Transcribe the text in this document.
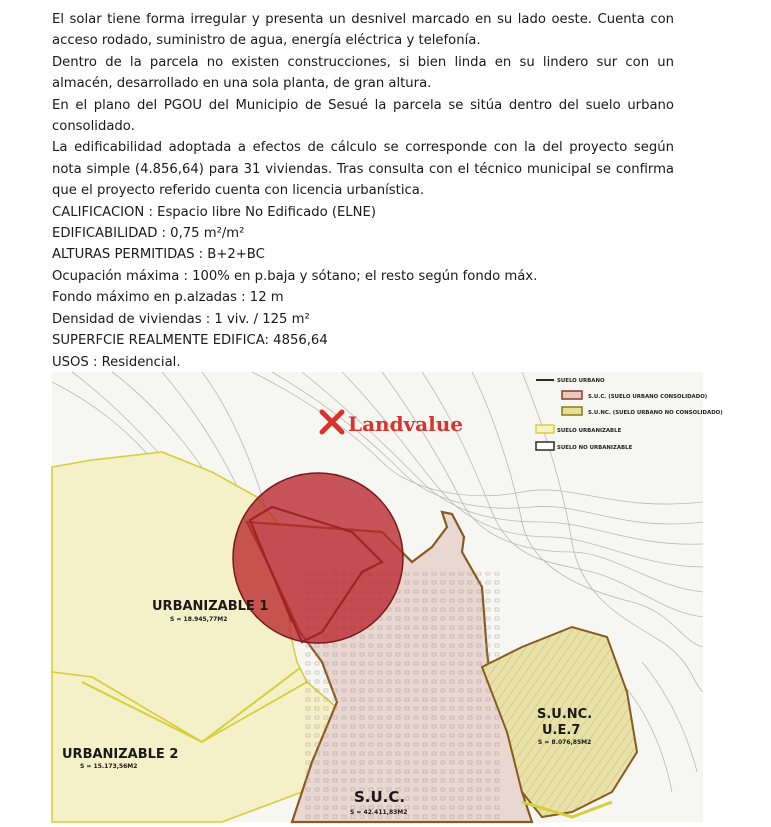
El solar tiene forma irregular y presenta un desnivel marcado en su lado oeste. Cuenta con acceso rodado, suministro de agua, energía eléctrica y telefonía.

Dentro de la parcela no existen construcciones, si bien linda en su lindero sur con un almacén, desarrollado en una sola planta, de gran altura.

En el plano del PGOU del Municipio de Sesué la parcela se sitúa dentro del suelo urbano consolidado.

La edificabilidad adoptada a efectos de cálculo se corresponde con la del proyecto según nota simple (4.856,64) para 31 viviendas. Tras consulta con el técnico municipal se confirma que el proyecto referido cuenta con licencia urbanística.

CALIFICACION : Espacio libre No Edificado (ELNE)

EDIFICABILIDAD : 0,75 m²/m²

ALTURAS PERMITIDAS : B+2+BC

Ocupación máxima : 100% en p.baja y sótano; el resto según fondo máx.

Fondo máximo en p.alzadas : 12 m

Densidad de viviendas : 1 viv. / 125 m²

SUPERFCIE REALMENTE EDIFICA: 4856,64

USOS : Residencial.

Landvalue
SUELO URBANO
S.U.C. (SUELO URBANO CONSOLIDADO)
S.U.NC. (SUELO URBANO NO CONSOLIDADO)
SUELO URBANIZABLE
SUELO NO URBANIZABLE
URBANIZABLE 1
S = 18.945,77M2
URBANIZABLE 2
S = 15.173,56M2
S.U.NC.
U.E.7
S = 8.076,85M2
S.U.C.
S = 42.411,83M2
